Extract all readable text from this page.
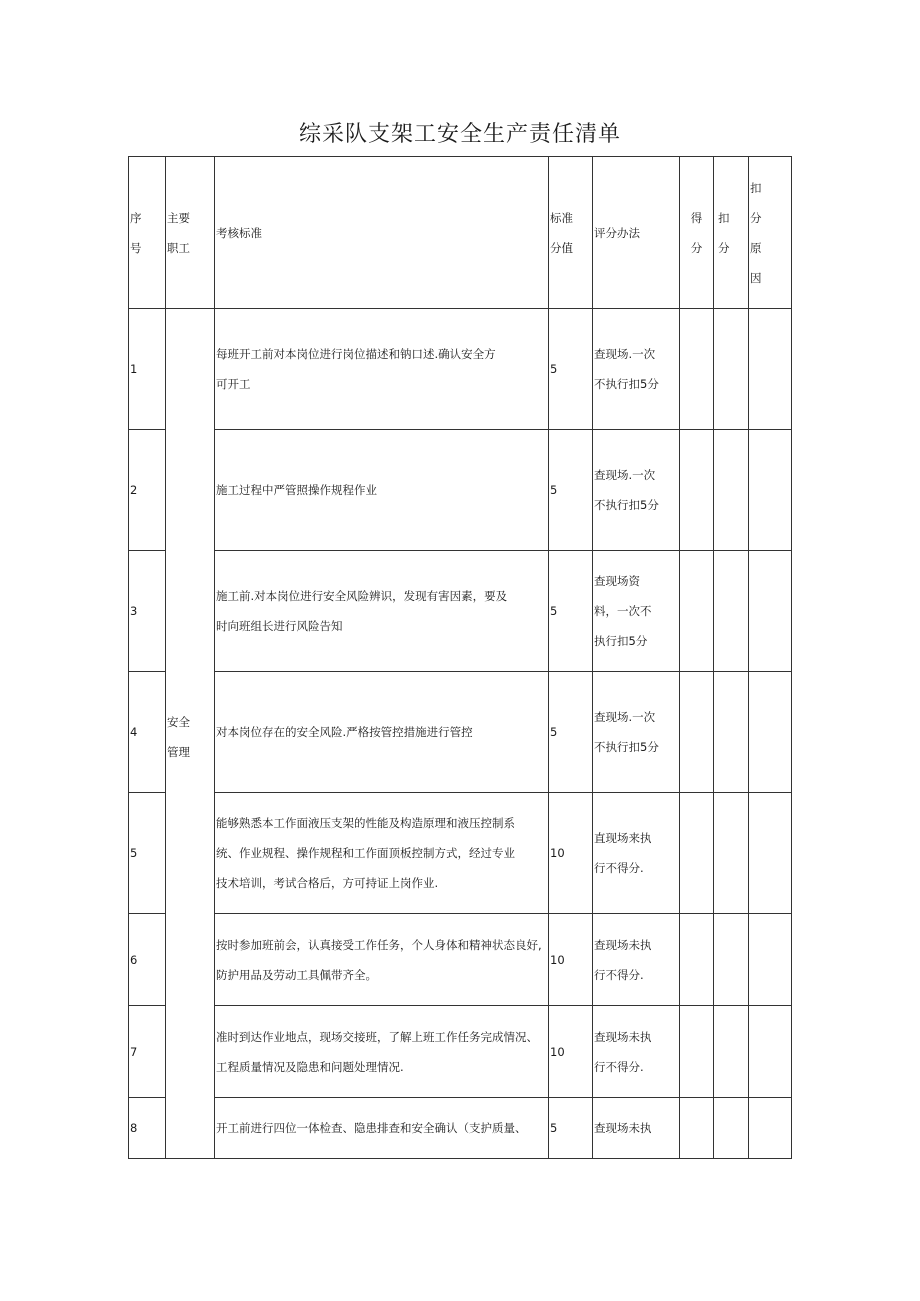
综采队支架工安全生产责任清单
序号	主要职工	考核标准	标准分值	评分办法	得分	扣分	扣分原因

1	安全管理	每班开工前对本岗位进行岗位描述和钠口述.确认安全方可开工	5	查现场.一次不执行扣5分			

2		施工过程中严管照操作规程作业	5	查现场.一次不执行扣5分			

3		施工前.对本岗位进行安全风险辨识，发现有害因素，要及时向班组长进行风险告知	5	查现场资料，一次不执行扣5分			

4		对本岗位存在的安全风险.严格按管控措施进行管控	5	查现场.一次不执行扣5分			

5		能够熟悉本工作面液压支架的性能及构造原理和液压控制系统、作业规程、操作规程和工作面顶板控制方式，经过专业技术培训，考试合格后，方可持证上岗作业.	10	直现场来执行不得分.			

6		按时参加班前会，认真接受工作任务，个人身体和精神状态良好,防护用品及劳动工具佩带齐全。	10	查现场未执行不得分.			

7		准时到达作业地点，现场交接班，了解上班工作任务完成情况、工程质量情况及隐患和问题处理情况.	10	查现场未执行不得分.			

8		开工前进行四位一体检查、隐患排查和安全确认（支护质量、	5	查现场未执			
